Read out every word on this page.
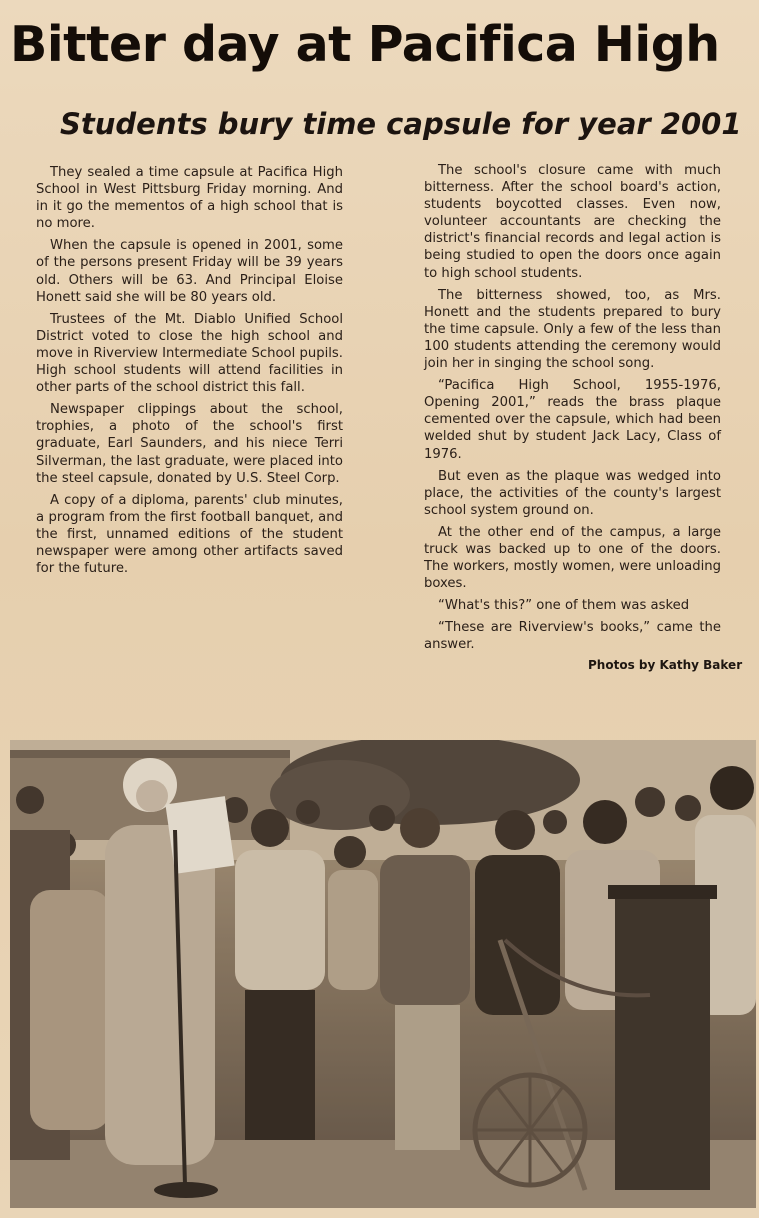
Bitter day at Pacifica High
Students bury time capsule for year 2001

They sealed a time capsule at Pacifica High School in West Pittsburg Friday morning. And in it go the mementos of a high school that is no more.

When the capsule is opened in 2001, some of the persons present Friday will be 39 years old. Others will be 63. And Principal Eloise Honett said she will be 80 years old.

Trustees of the Mt. Diablo Unified School District voted to close the high school and move in Riverview Intermediate School pupils. High school students will attend facilities in other parts of the school district this fall.

Newspaper clippings about the school, trophies, a photo of the school's first graduate, Earl Saunders, and his niece Terri Silverman, the last graduate, were placed into the steel capsule, donated by U.S. Steel Corp.

A copy of a diploma, parents' club minutes, a program from the first football banquet, and the first, unnamed editions of the student newspaper were among other artifacts saved for the future.

The school's closure came with much bitterness. After the school board's action, students boycotted classes. Even now, volunteer accountants are checking the district's financial records and legal action is being studied to open the doors once again to high school students.

The bitterness showed, too, as Mrs. Honett and the students prepared to bury the time capsule. Only a few of the less than 100 students attending the ceremony would join her in singing the school song.

“Pacifica High School, 1955-1976, Opening 2001,” reads the brass plaque cemented over the capsule, which had been welded shut by student Jack Lacy, Class of 1976.

But even as the plaque was wedged into place, the activities of the county's largest school system ground on.

At the other end of the campus, a large truck was backed up to one of the doors. The workers, mostly women, were unloading boxes.

“What's this?” one of them was asked

“These are Riverview's books,” came the answer.

Photos by Kathy Baker
